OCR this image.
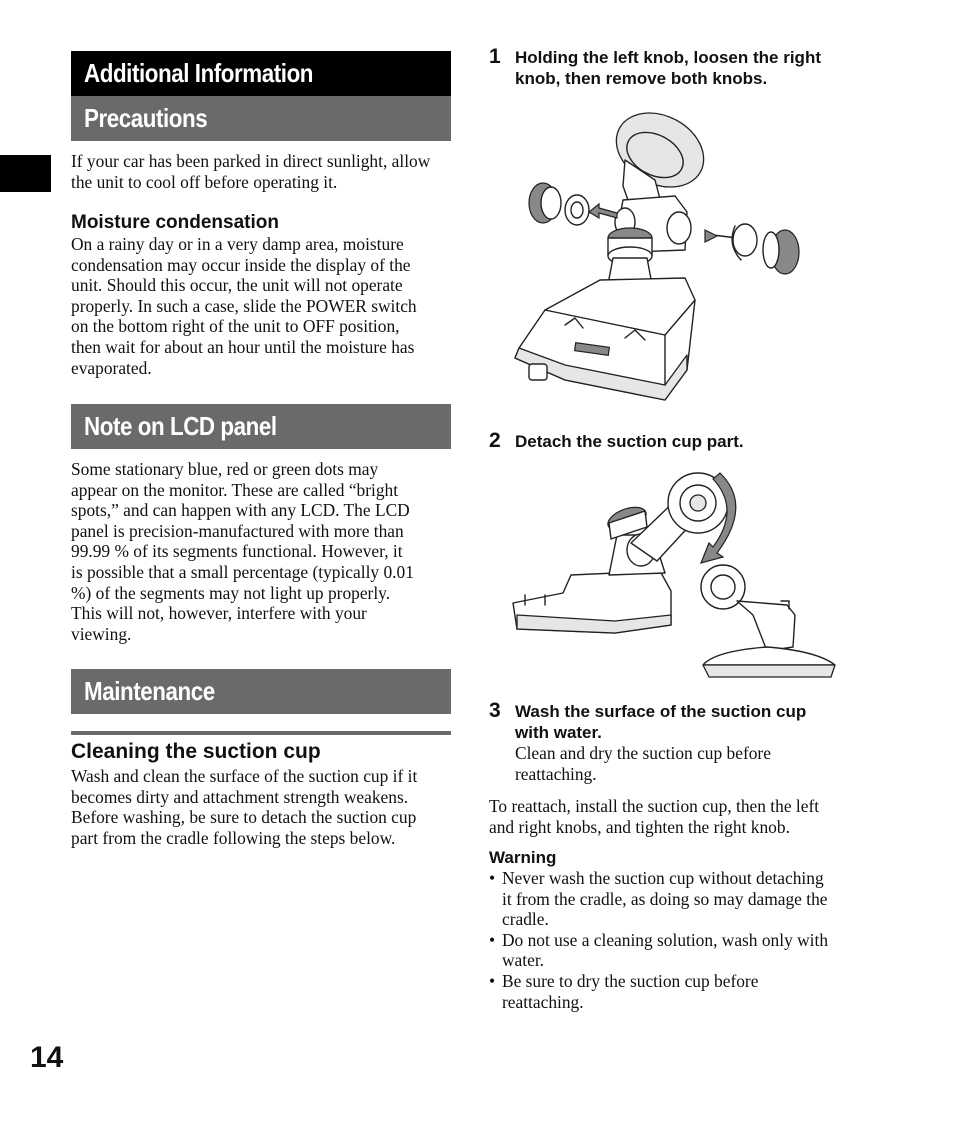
Additional Information
Precautions
If your car has been parked in direct sunlight, allow the unit to cool off before operating it.
Moisture condensation
On a rainy day or in a very damp area, moisture
condensation may occur inside the display of the
unit. Should this occur, the unit will not operate
properly. In such a case, slide the POWER switch
on the bottom right of the unit to OFF position,
then wait for about an hour until the moisture has
evaporated.
Note on LCD panel
Some stationary blue, red or green dots may
appear on the monitor. These are called “bright
spots,” and can happen with any LCD. The LCD
panel is precision-manufactured with more than
99.99 % of its segments functional. However, it
is possible that a small percentage (typically 0.01
%) of the segments may not light up properly.
This will not, however, interfere with your
viewing.
Maintenance
Cleaning the suction cup
Wash and clean the surface of the suction cup if it
becomes dirty and attachment strength weakens.
Before washing, be sure to detach the suction cup
part from the cradle following the steps below.
14
1 Holding the left knob, loosen the right
knob, then remove both knobs.
2 Detach the suction cup part.
3 Wash the surface of the suction cup
with water.
Clean and dry the suction cup before
reattaching.
To reattach, install the suction cup, then the left
and right knobs, and tighten the right knob.
Warning
• Never wash the suction cup without detaching
it from the cradle, as doing so may damage the
cradle.
• Do not use a cleaning solution, wash only with
water.
• Be sure to dry the suction cup before
reattaching.
